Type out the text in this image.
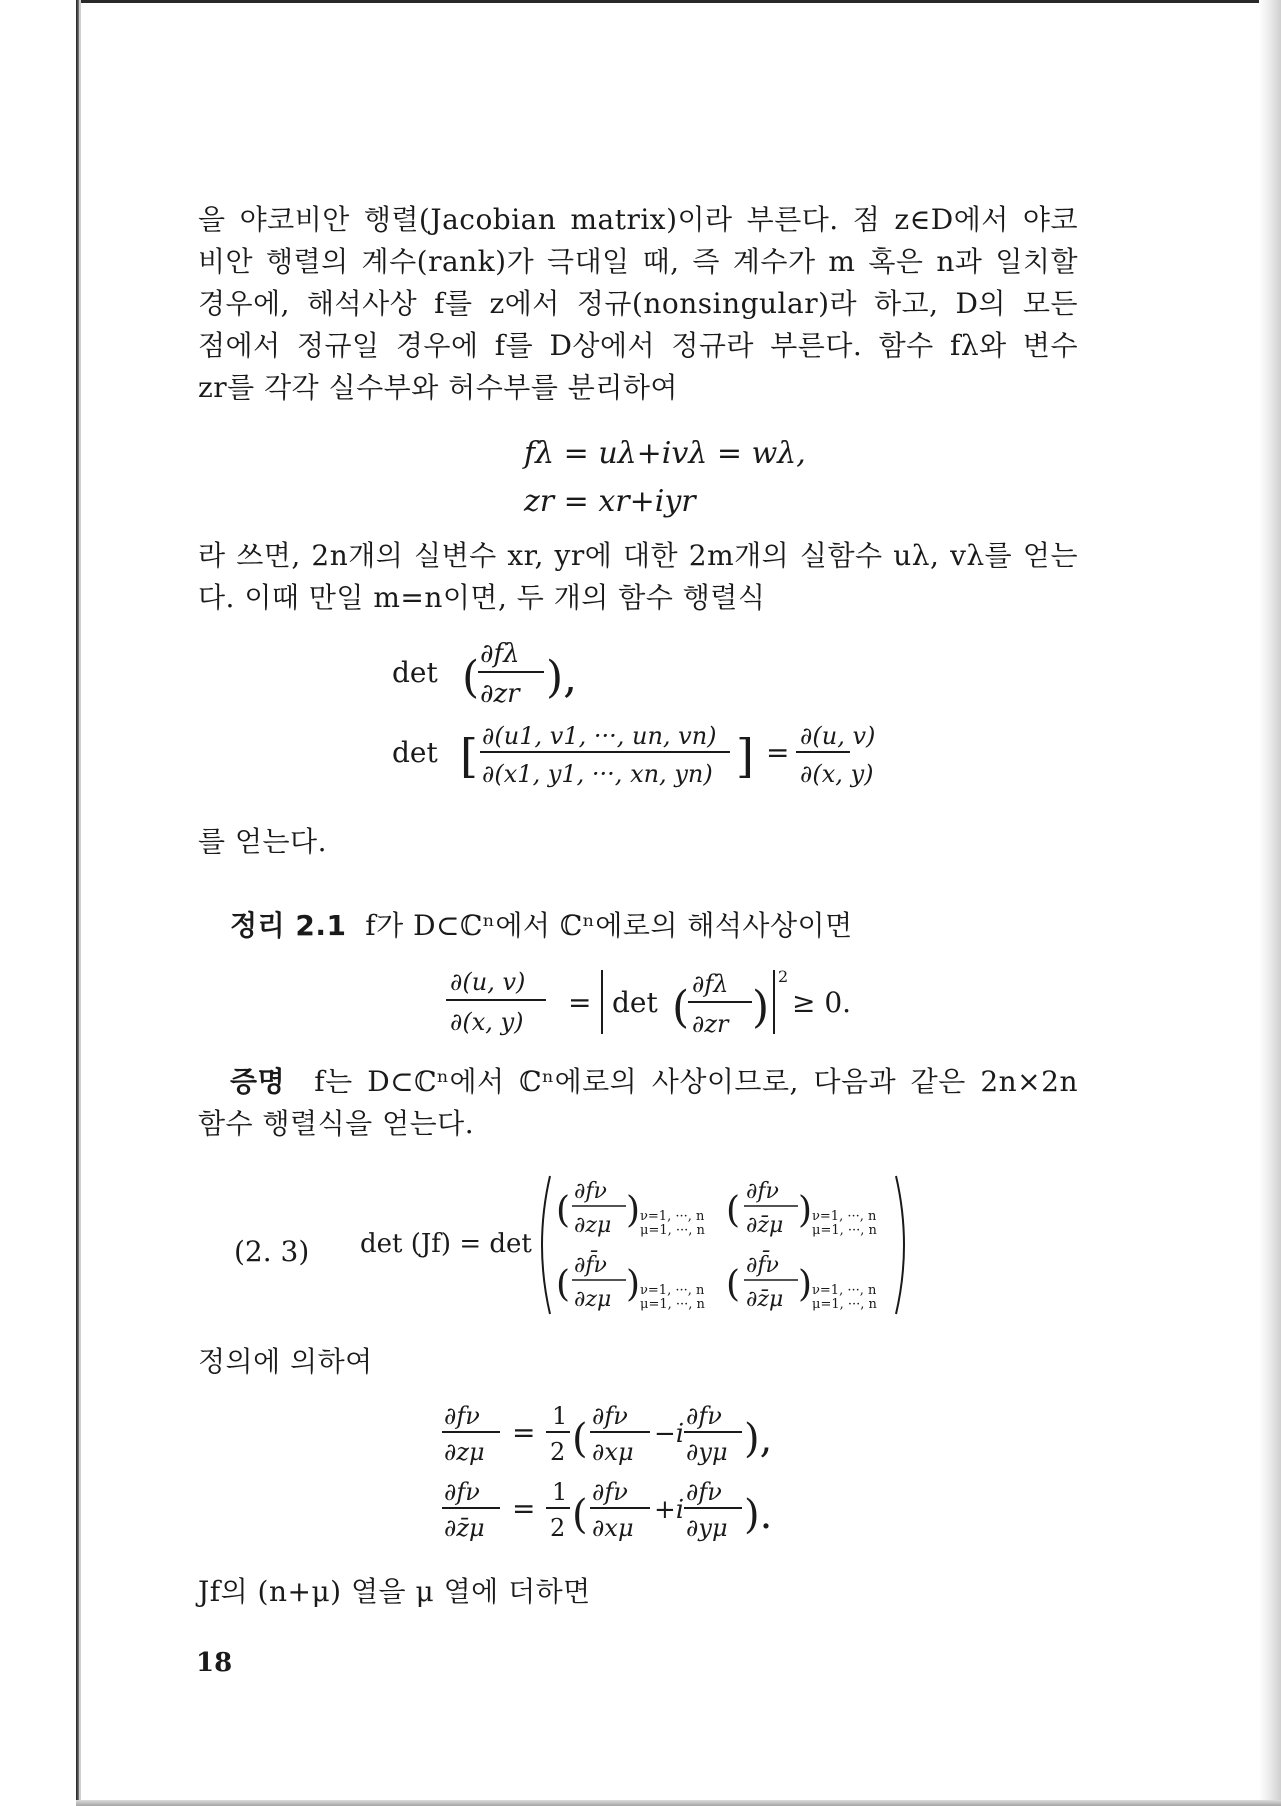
을 야코비안 행렬(Jacobian matrix)이라 부른다. 점 z∈D에서 야코
비안 행렬의 계수(rank)가 극대일 때, 즉 계수가 m 혹은 n과 일치할
경우에, 해석사상 f를 z에서 정규(nonsingular)라 하고, D의 모든
점에서 정규일 경우에 f를 D상에서 정규라 부른다. 함수 fλ와 변수
zr를 각각 실수부와 허수부를 분리하여
fλ = uλ+ivλ = wλ,
zr = xr+iyr
라 쓰면, 2n개의 실변수 xr, yr에 대한 2m개의 실함수 uλ, vλ를 얻는
다. 이때 만일 m=n이면, 두 개의 함수 행렬식
det ( ∂fλ
∂zr ),
det [ ∂(u1, v1, ···, un, vn)
∂(x1, y1, ···, xn, yn) ] = ∂(u, v)
∂(x, y)
를 얻는다.
정리 2.1 f가 D⊂ℂⁿ에서 ℂⁿ에로의 해석사상이면
∂(u, v)
∂(x, y)
= det ( ∂fλ
∂zr )
2
≥ 0.
증명 f는 D⊂ℂⁿ에서 ℂⁿ에로의 사상이므로, 다음과 같은 2n×2n
함수 행렬식을 얻는다.
(2. 3) det (Jf) = det
( ∂fν
∂zμ ) ν=1, ···, n
μ=1, ···, n ( ∂fν
∂z̄μ ) ν=1, ···, n
μ=1, ···, n
( ∂f̄ν
∂zμ ) ν=1, ···, n
μ=1, ···, n ( ∂f̄ν
∂z̄μ ) ν=1, ···, n
μ=1, ···, n
정의에 의하여
∂fν
∂zμ
= 1
2 ( ∂fν
∂xμ
−i
∂fν
∂yμ ),
∂fν
∂z̄μ
= 1
2 ( ∂fν
∂xμ
+i
∂fν
∂yμ ).
Jf의 (n+μ) 열을 μ 열에 더하면
18
